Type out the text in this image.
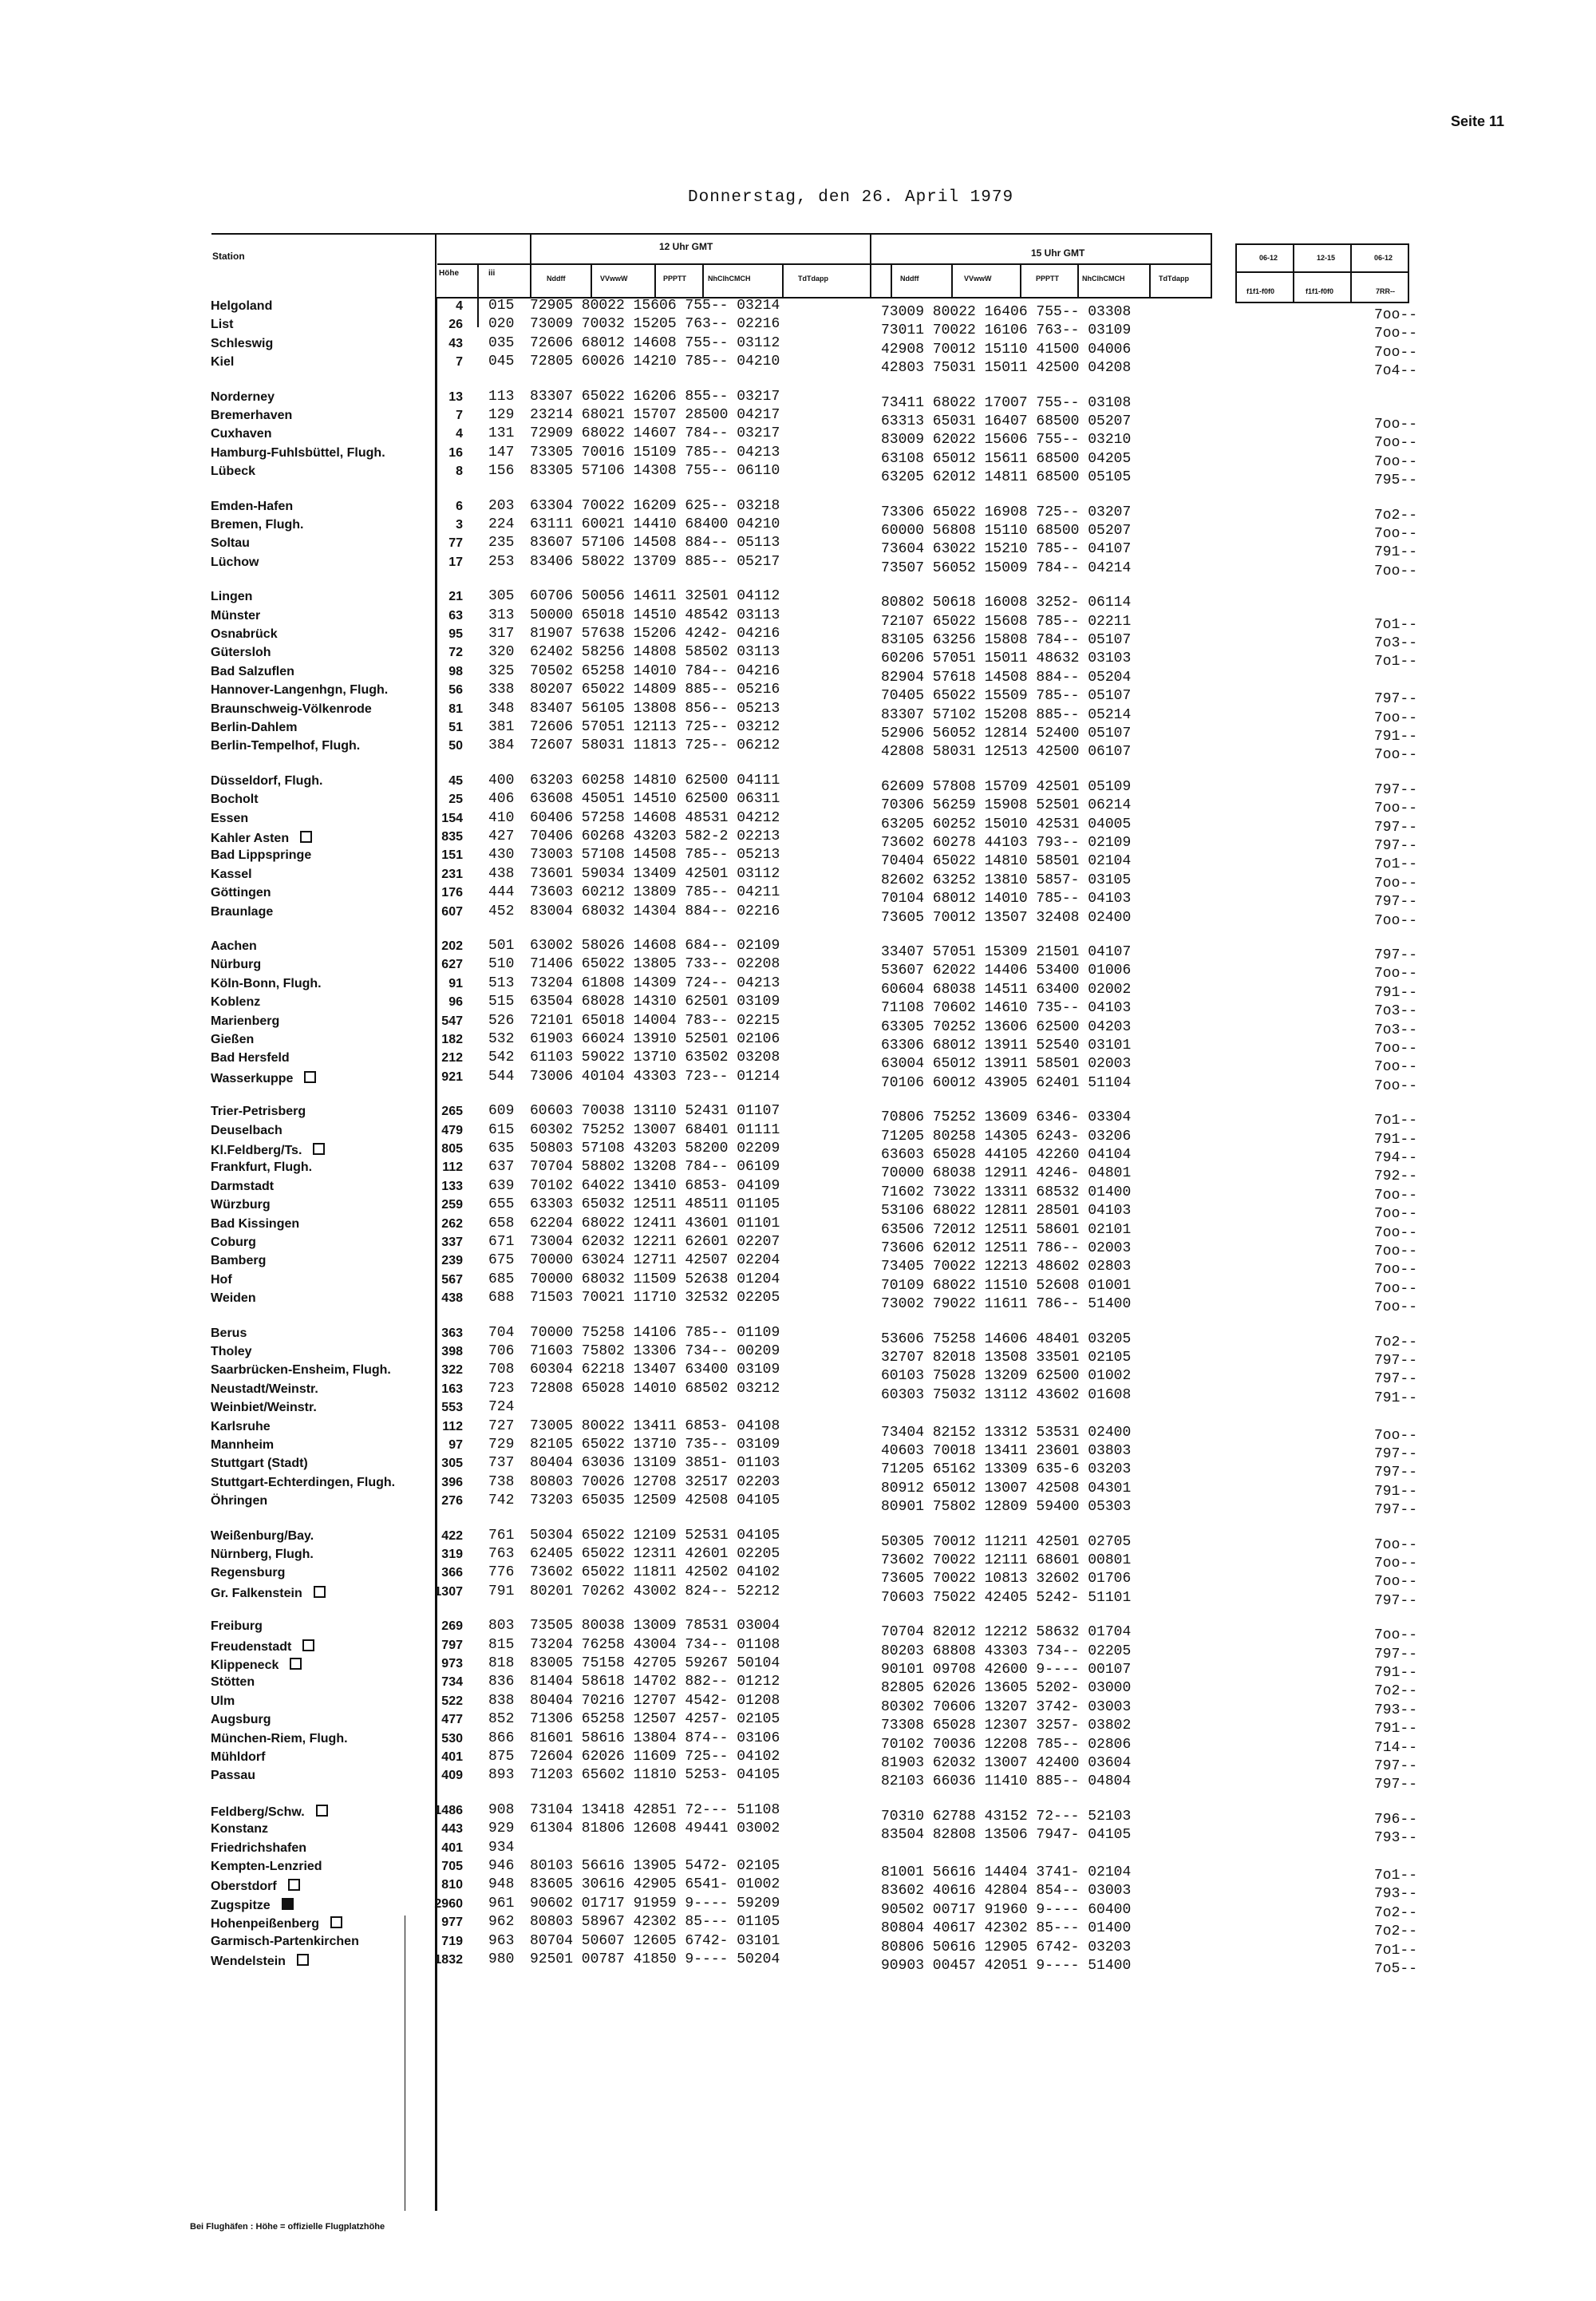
Seite 11
Donnerstag, den 26. April 1979
Station
Höhe	iii
12 Uhr GMT
15 Uhr GMT
Nddff	VVwwW	PPPTT	NhClhCMCH	TdTdapp	Nddff	VVwwW	PPPTT	NhClhCMCH	TdTdapp
06-12	12-15	06-12
f1f1-f0f0	f1f1-f0f0	7RR--
Helgoland	4 015 72905 80022 15606 755-- 03214	73009 80022 16406 755-- 03308	7oo--
List	26 020 73009 70032 15205 763-- 02216	73011 70022 16106 763-- 03109	7oo--
Schleswig	43 035 72606 68012 14608 755-- 03112	42908 70012 15110 41500 04006	7oo--
Kiel	7 045 72805 60026 14210 785-- 04210	42803 75031 15011 42500 04208	7o4--
Norderney	13 113 83307 65022 16206 855-- 03217	73411 68022 17007 755-- 03108
Bremerhaven	7 129 23214 68021 15707 28500 04217	63313 65031 16407 68500 05207	7oo--
Cuxhaven	4 131 72909 68022 14607 784-- 03217	83009 62022 15606 755-- 03210	7oo--
Hamburg-Fuhlsbüttel, Flugh.	16 147 73305 70016 15109 785-- 04213	63108 65012 15611 68500 04205	7oo--
Lübeck	8 156 83305 57106 14308 755-- 06110	63205 62012 14811 68500 05105	795--
Emden-Hafen	6 203 63304 70022 16209 625-- 03218	73306 65022 16908 725-- 03207	7o2--
Bremen, Flugh.	3 224 63111 60021 14410 68400 04210	60000 56808 15110 68500 05207	7oo--
Soltau	77 235 83607 57106 14508 884-- 05113	73604 63022 15210 785-- 04107	791--
Lüchow	17 253 83406 58022 13709 885-- 05217	73507 56052 15009 784-- 04214	7oo--
Lingen	21 305 60706 50056 14611 32501 04112	80802 50618 16008 3252- 06114
Münster	63 313 50000 65018 14510 48542 03113	72107 65022 15608 785-- 02211	7o1--
Osnabrück	95 317 81907 57638 15206 4242- 04216	83105 63256 15808 784-- 05107	7o3--
Gütersloh	72 320 62402 58256 14808 58502 03113	60206 57051 15011 48632 03103	7o1--
Bad Salzuflen	98 325 70502 65258 14010 784-- 04216	82904 57618 14508 884-- 05204
Hannover-Langenhgn, Flugh.	56 338 80207 65022 14809 885-- 05216	70405 65022 15509 785-- 05107	797--
Braunschweig-Völkenrode	81 348 83407 56105 13808 856-- 05213	83307 57102 15208 885-- 05214	7oo--
Berlin-Dahlem	51 381 72606 57051 12113 725-- 03212	52906 56052 12814 52400 05107	791--
Berlin-Tempelhof, Flugh.	50 384 72607 58031 11813 725-- 06212	42808 58031 12513 42500 06107	7oo--
Düsseldorf, Flugh.	45 400 63203 60258 14810 62500 04111	62609 57808 15709 42501 05109	797--
Bocholt	25 406 63608 45051 14510 62500 06311	70306 56259 15908 52501 06214	7oo--
Essen	154 410 60406 57258 14608 48531 04212	63205 60252 15010 42531 04005	797--
Kahler Asten	835 427 70406 60268 43203 582-2 02213	73602 60278 44103 793-- 02109	797--
Bad Lippspringe	151 430 73003 57108 14508 785-- 05213	70404 65022 14810 58501 02104	7o1--
Kassel	231 438 73601 59034 13409 42501 03112	82602 63252 13810 5857- 03105	7oo--
Göttingen	176 444 73603 60212 13809 785-- 04211	70104 68012 14010 785-- 04103	797--
Braunlage	607 452 83004 68032 14304 884-- 02216	73605 70012 13507 32408 02400	7oo--
Aachen	202 501 63002 58026 14608 684-- 02109	33407 57051 15309 21501 04107	797--
Nürburg	627 510 71406 65022 13805 733-- 02208	53607 62022 14406 53400 01006	7oo--
Köln-Bonn, Flugh.	91 513 73204 61808 14309 724-- 04213	60604 68038 14511 63400 02002	791--
Koblenz	96 515 63504 68028 14310 62501 03109	71108 70602 14610 735-- 04103	7o3--
Marienberg	547 526 72101 65018 14004 783-- 02215	63305 70252 13606 62500 04203	7o3--
Gießen	182 532 61903 66024 13910 52501 02106	63306 68012 13911 52540 03101	7oo--
Bad Hersfeld	212 542 61103 59022 13710 63502 03208	63004 65012 13911 58501 02003	7oo--
Wasserkuppe	921 544 73006 40104 43303 723-- 01214	70106 60012 43905 62401 51104	7oo--
Trier-Petrisberg	265 609 60603 70038 13110 52431 01107	70806 75252 13609 6346- 03304	7o1--
Deuselbach	479 615 60302 75252 13007 68401 01111	71205 80258 14305 6243- 03206	791--
Kl.Feldberg/Ts.	805 635 50803 57108 43203 58200 02209	63603 65028 44105 42260 04104	794--
Frankfurt, Flugh.	112 637 70704 58802 13208 784-- 06109	70000 68038 12911 4246- 04801	792--
Darmstadt	133 639 70102 64022 13410 6853- 04109	71602 73022 13311 68532 01400	7oo--
Würzburg	259 655 63303 65032 12511 48511 01105	53106 68022 12811 28501 04103	7oo--
Bad Kissingen	262 658 62204 68022 12411 43601 01101	63506 72012 12511 58601 02101	7oo--
Coburg	337 671 73004 62032 12211 62601 02207	73606 62012 12511 786-- 02003	7oo--
Bamberg	239 675 70000 63024 12711 42507 02204	73405 70022 12213 48602 02803	7oo--
Hof	567 685 70000 68032 11509 52638 01204	70109 68022 11510 52608 01001	7oo--
Weiden	438 688 71503 70021 11710 32532 02205	73002 79022 11611 786-- 51400	7oo--
Berus	363 704 70000 75258 14106 785-- 01109	53606 75258 14606 48401 03205	7o2--
Tholey	398 706 71603 75802 13306 734-- 00209	32707 82018 13508 33501 02105	797--
Saarbrücken-Ensheim, Flugh.	322 708 60304 62218 13407 63400 03109	60103 75028 13209 62500 01002	797--
Neustadt/Weinstr.	163 723 72808 65028 14010 68502 03212	60303 75032 13112 43602 01608	791--
Weinbiet/Weinstr.	553 724
Karlsruhe	112 727 73005 80022 13411 6853- 04108	73404 82152 13312 53531 02400	7oo--
Mannheim	97 729 82105 65022 13710 735-- 03109	40603 70018 13411 23601 03803	797--
Stuttgart (Stadt)	305 737 80404 63036 13109 3851- 01103	71205 65162 13309 635-6 03203	797--
Stuttgart-Echterdingen, Flugh.	396 738 80803 70026 12708 32517 02203	80912 65012 13007 42508 04301	791--
Öhringen	276 742 73203 65035 12509 42508 04105	80901 75802 12809 59400 05303	797--
Weißenburg/Bay.	422 761 50304 65022 12109 52531 04105	50305 70012 11211 42501 02705	7oo--
Nürnberg, Flugh.	319 763 62405 65022 12311 42601 02205	73602 70022 12111 68601 00801	7oo--
Regensburg	366 776 73602 65022 11811 42502 04102	73605 70022 10813 32602 01706	7oo--
Gr. Falkenstein	1307 791 80201 70262 43002 824-- 52212	70603 75022 42405 5242- 51101	797--
Freiburg	269 803 73505 80038 13009 78531 03004	70704 82012 12212 58632 01704	7oo--
Freudenstadt	797 815 73204 76258 43004 734-- 01108	80203 68808 43303 734-- 02205	797--
Klippeneck	973 818 83005 75158 42705 59267 50104	90101 09708 42600 9---- 00107	791--
Stötten	734 836 81404 58618 14702 882-- 01212	82805 62026 13605 5202- 03000	7o2--
Ulm	522 838 80404 70216 12707 4542- 01208	80302 70606 13207 3742- 03003	793--
Augsburg	477 852 71306 65258 12507 4257- 02105	73308 65028 12307 3257- 03802	791--
München-Riem, Flugh.	530 866 81601 58616 13804 874-- 03106	70102 70036 12208 785-- 02806	714--
Mühldorf	401 875 72604 62026 11609 725-- 04102	81903 62032 13007 42400 03604	797--
Passau	409 893 71203 65602 11810 5253- 04105	82103 66036 11410 885-- 04804	797--
Feldberg/Schw.	1486 908 73104 13418 42851 72--- 51108	70310 62788 43152 72--- 52103	796--
Konstanz	443 929 61304 81806 12608 49441 03002	83504 82808 13506 7947- 04105	793--
Friedrichshafen	401 934
Kempten-Lenzried	705 946 80103 56616 13905 5472- 02105	81001 56616 14404 3741- 02104	7o1--
Oberstdorf	810 948 83605 30616 42905 6541- 01002	83602 40616 42804 854-- 03003	793--
Zugspitze	2960 961 90602 01717 91959 9---- 59209	90502 00717 91960 9---- 60400	7o2--
Hohenpeißenberg	977 962 80803 58967 42302 85--- 01105	80804 40617 42302 85--- 01400	7o2--
Garmisch-Partenkirchen	719 963 80704 50607 12605 6742- 03101	80806 50616 12905 6742- 03203	7o1--
Wendelstein	1832 980 92501 00787 41850 9---- 50204	90903 00457 42051 9---- 51400	7o5--
Bei Flughäfen : Höhe = offizielle Flugplatzhöhe
